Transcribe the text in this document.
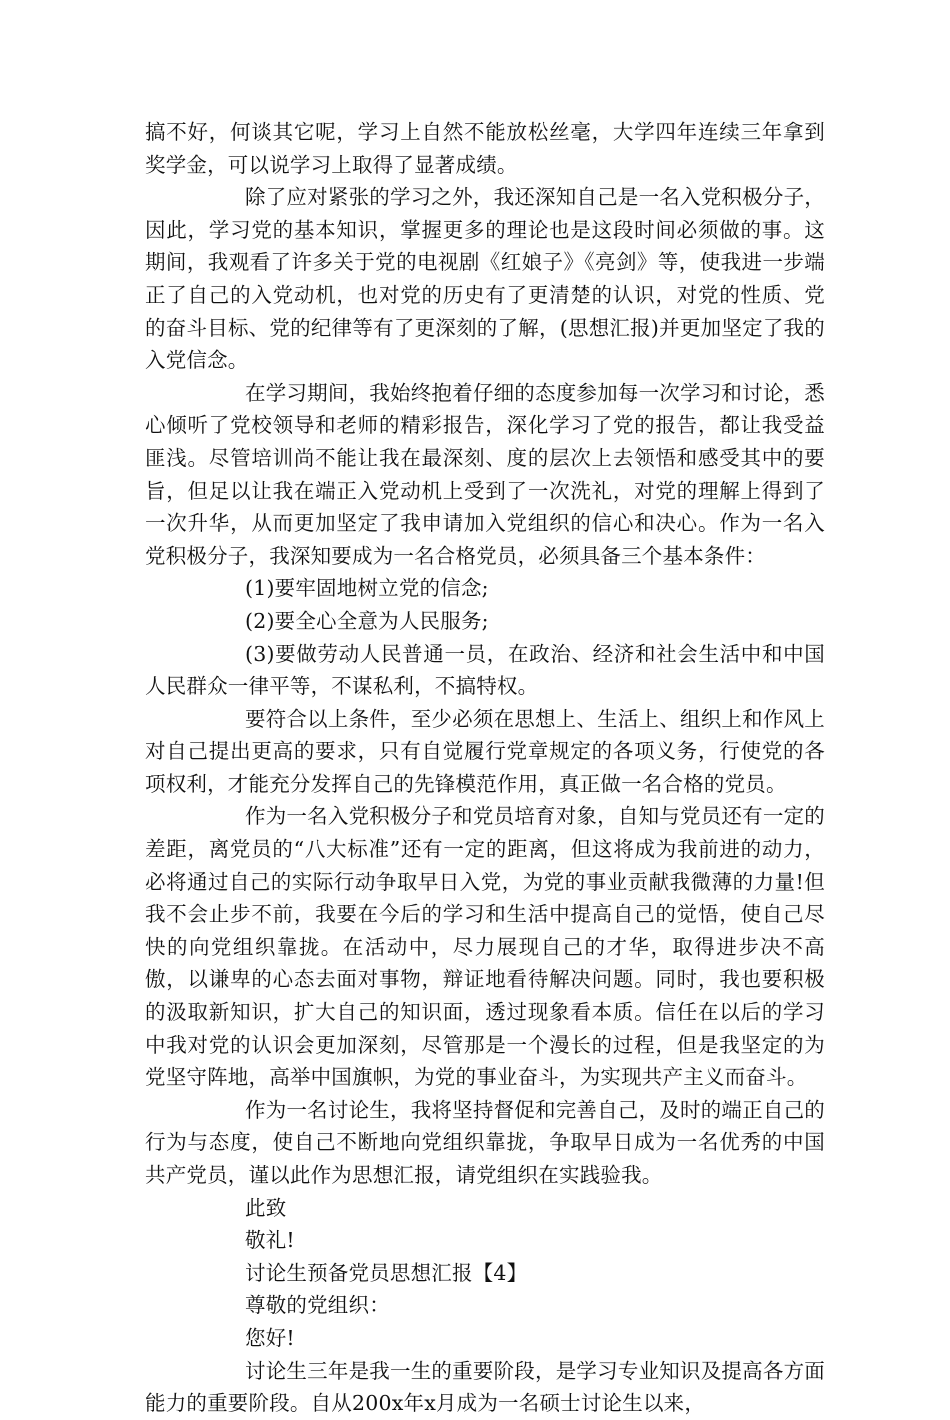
搞不好，何谈其它呢，学习上自然不能放松丝毫，大学四年连续三年拿到奖学金，可以说学习上取得了显著成绩。

除了应对紧张的学习之外，我还深知自己是一名入党积极分子，因此，学习党的基本知识，掌握更多的理论也是这段时间必须做的事。这期间，我观看了许多关于党的电视剧《红娘子》《亮剑》等，使我进一步端正了自己的入党动机，也对党的历史有了更清楚的认识，对党的性质、党的奋斗目标、党的纪律等有了更深刻的了解，(思想汇报)并更加坚定了我的入党信念。

在学习期间，我始终抱着仔细的态度参加每一次学习和讨论，悉心倾听了党校领导和老师的精彩报告，深化学习了党的报告，都让我受益匪浅。尽管培训尚不能让我在最深刻、度的层次上去领悟和感受其中的要旨，但足以让我在端正入党动机上受到了一次洗礼，对党的理解上得到了一次升华，从而更加坚定了我申请加入党组织的信心和决心。作为一名入党积极分子，我深知要成为一名合格党员，必须具备三个基本条件：

(1)要牢固地树立党的信念;

(2)要全心全意为人民服务;

(3)要做劳动人民普通一员，在政治、经济和社会生活中和中国人民群众一律平等，不谋私利，不搞特权。

要符合以上条件，至少必须在思想上、生活上、组织上和作风上对自己提出更高的要求，只有自觉履行党章规定的各项义务，行使党的各项权利，才能充分发挥自己的先锋模范作用，真正做一名合格的党员。

作为一名入党积极分子和党员培育对象，自知与党员还有一定的差距，离党员的“八大标准”还有一定的距离，但这将成为我前进的动力，必将通过自己的实际行动争取早日入党，为党的事业贡献我微薄的力量!但我不会止步不前，我要在今后的学习和生活中提高自己的觉悟，使自己尽快的向党组织靠拢。在活动中，尽力展现自己的才华，取得进步决不高傲，以谦卑的心态去面对事物，辩证地看待解决问题。同时，我也要积极的汲取新知识，扩大自己的知识面，透过现象看本质。信任在以后的学习中我对党的认识会更加深刻，尽管那是一个漫长的过程，但是我坚定的为党坚守阵地，高举中国旗帜，为党的事业奋斗，为实现共产主义而奋斗。

作为一名讨论生，我将坚持督促和完善自己，及时的端正自己的行为与态度，使自己不断地向党组织靠拢，争取早日成为一名优秀的中国共产党员，谨以此作为思想汇报，请党组织在实践验我。

此致

敬礼!

讨论生预备党员思想汇报【4】

尊敬的党组织：

您好!

讨论生三年是我一生的重要阶段，是学习专业知识及提高各方面能力的重要阶段。自从200x年x月成为一名硕士讨论生以来，
